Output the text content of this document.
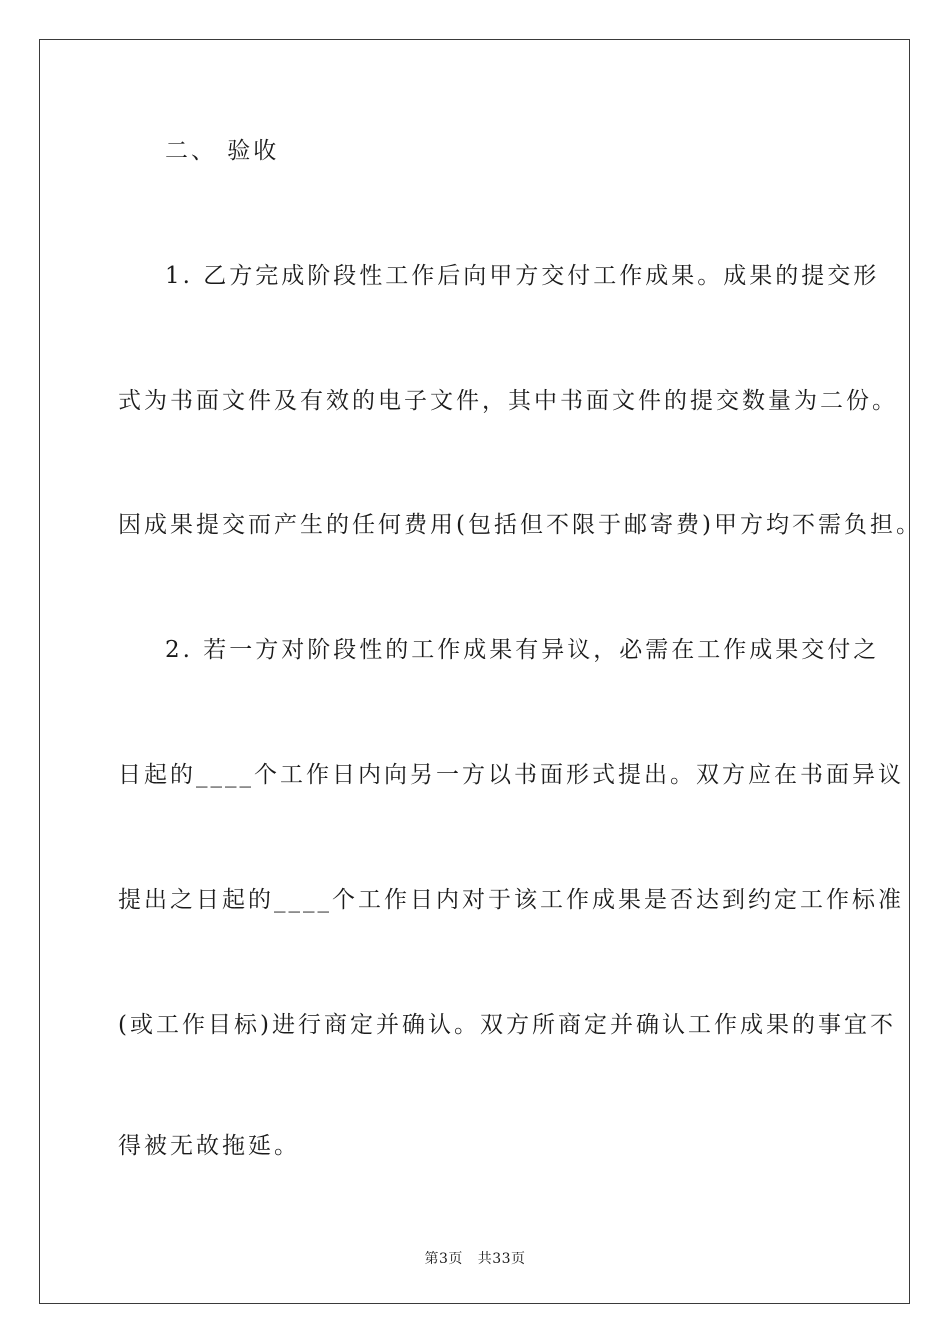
二、 验收
1. 乙方完成阶段性工作后向甲方交付工作成果。成果的提交形
式为书面文件及有效的电子文件，其中书面文件的提交数量为二份。
因成果提交而产生的任何费用(包括但不限于邮寄费)甲方均不需负担。
2. 若一方对阶段性的工作成果有异议，必需在工作成果交付之
日起的____个工作日内向另一方以书面形式提出。双方应在书面异议
提出之日起的____个工作日内对于该工作成果是否达到约定工作标准
(或工作目标)进行商定并确认。双方所商定并确认工作成果的事宜不
得被无故拖延。
第3页   共33页
